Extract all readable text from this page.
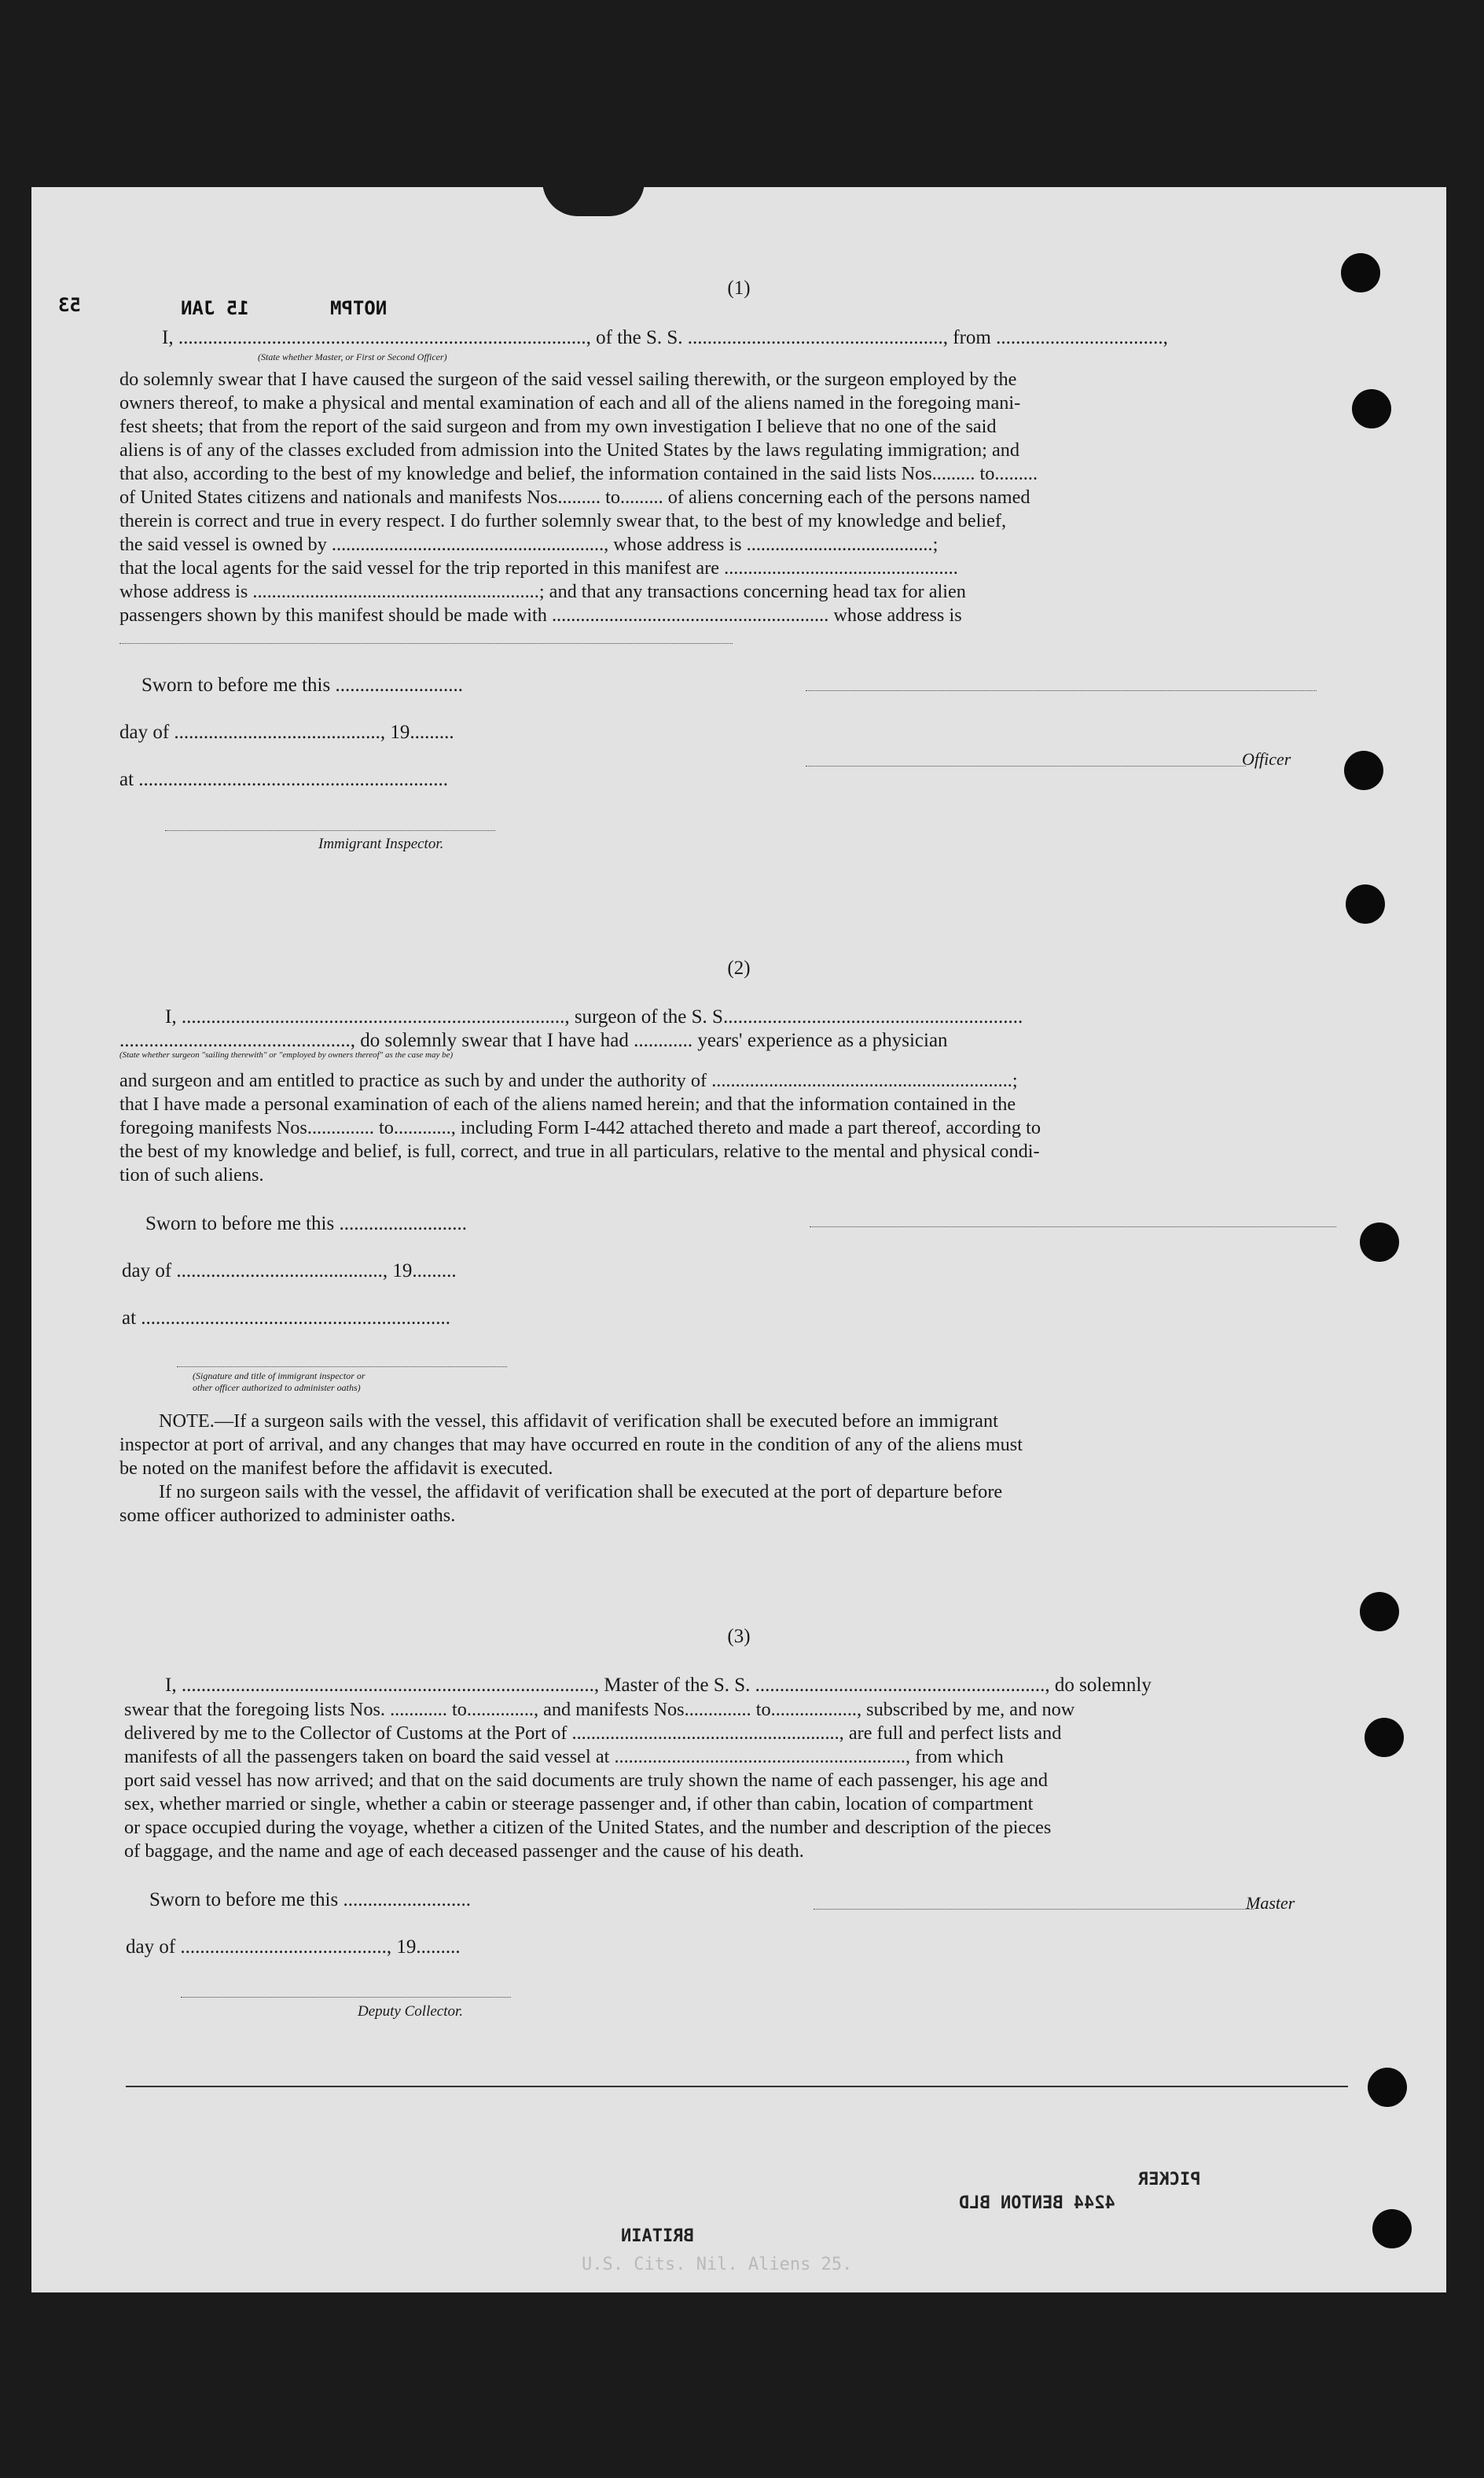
53	15 JAN	NOTPM
(1)
I, ..................................................................................., of the S. S. ...................................................., from ..................................,
(State whether Master, or First or Second Officer)
do solemnly swear that I have caused the surgeon of the said vessel sailing therewith, or the surgeon employed by the
owners thereof, to make a physical and mental examination of each and all of the aliens named in the foregoing mani-
fest sheets; that from the report of the said surgeon and from my own investigation I believe that no one of the said
aliens is of any of the classes excluded from admission into the United States by the laws regulating immigration; and
that also, according to the best of my knowledge and belief, the information contained in the said lists Nos......... to.........
of United States citizens and nationals and manifests Nos......... to......... of aliens concerning each of the persons named
therein is correct and true in every respect. I do further solemnly swear that, to the best of my knowledge and belief,
the said vessel is owned by ........................................................., whose address is .......................................;
that the local agents for the said vessel for the trip reported in this manifest are .................................................
whose address is ............................................................; and that any transactions concerning head tax for alien
passengers shown by this manifest should be made with .......................................................... whose address is
Sworn to before me this ..........................
day of .........................................., 19.........
at ...............................................................
Immigrant Inspector.
Officer
(2)
I, .............................................................................., surgeon of the S. S.............................................................
..............................................., do solemnly swear that I have had ............ years' experience as a physician
(State whether surgeon "sailing therewith" or "employed by owners thereof" as the case may be)
and surgeon and am entitled to practice as such by and under the authority of ...............................................................;
that I have made a personal examination of each of the aliens named herein; and that the information contained in the
foregoing manifests Nos.............. to............, including Form I-442 attached thereto and made a part thereof, according to
the best of my knowledge and belief, is full, correct, and true in all particulars, relative to the mental and physical condi-
tion of such aliens.
Sworn to before me this ..........................
day of .........................................., 19.........
at ...............................................................
(Signature and title of immigrant inspector or
other officer authorized to administer oaths)
NOTE.—If a surgeon sails with the vessel, this affidavit of verification shall be executed before an immigrant
inspector at port of arrival, and any changes that may have occurred en route in the condition of any of the aliens must
be noted on the manifest before the affidavit is executed.
If no surgeon sails with the vessel, the affidavit of verification shall be executed at the port of departure before
some officer authorized to administer oaths.
(3)
I, ...................................................................................., Master of the S. S. ..........................................................., do solemnly
swear that the foregoing lists Nos. ............ to.............., and manifests Nos.............. to.................., subscribed by me, and now
delivered by me to the Collector of Customs at the Port of ........................................................, are full and perfect lists and
manifests of all the passengers taken on board the said vessel at ............................................................., from which
port said vessel has now arrived; and that on the said documents are truly shown the name of each passenger, his age and
sex, whether married or single, whether a cabin or steerage passenger and, if other than cabin, location of compartment
or space occupied during the voyage, whether a citizen of the United States, and the number and description of the pieces
of baggage, and the name and age of each deceased passenger and the cause of his death.
Sworn to before me this ..........................
day of .........................................., 19.........
Deputy Collector.
Master
PICKER
4244 BENTON BLD
BRITAIN
U.S. Cits. Nil. Aliens 25.
